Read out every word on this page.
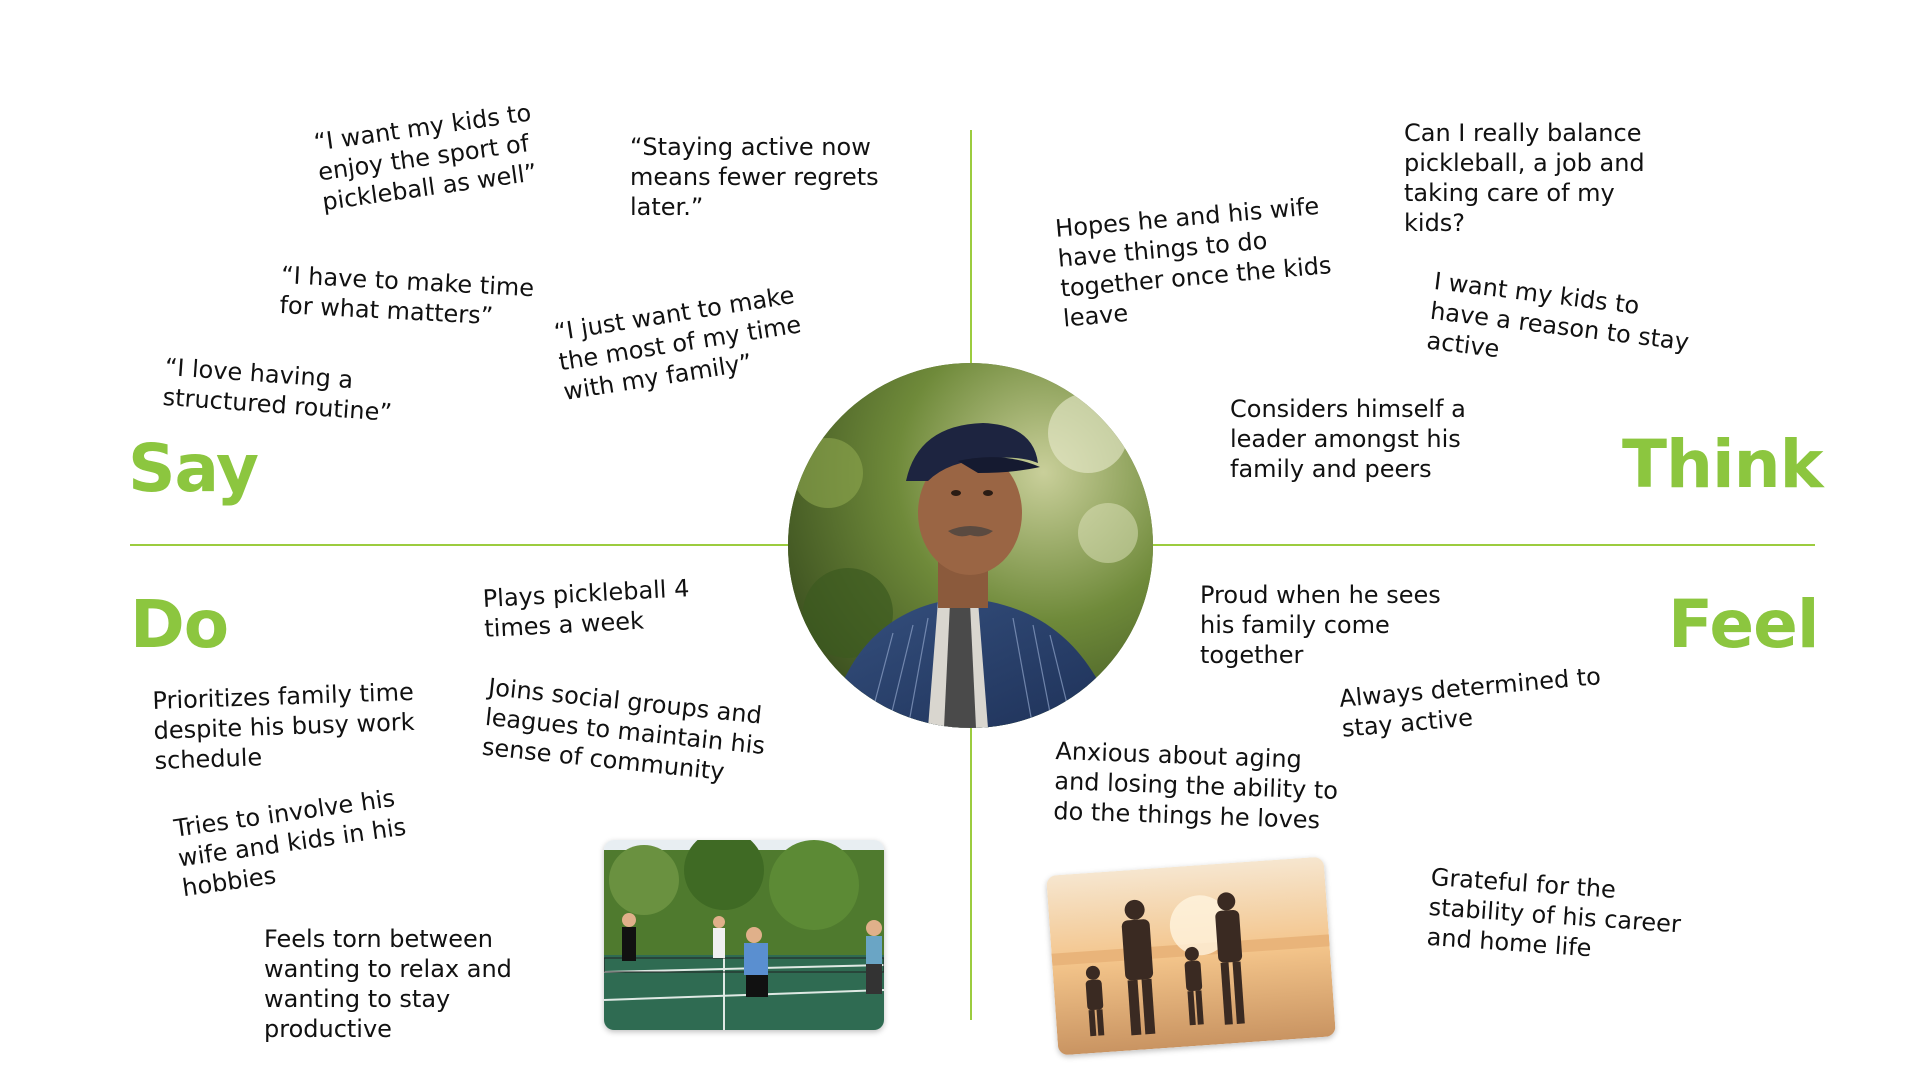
Say	Think
Do	Feel
“I want my kids to enjoy the sport of pickleball as well”
“Staying active now means fewer regrets later.”
“I have to make time for what matters”	“I just want to make the most of my time with my family”
“I love having a structured routine”
Can I really balance pickleball, a job and taking care of my kids?
Hopes he and his wife have things to do together once the kids leave	I want my kids to have a reason to stay active
Considers himself a leader amongst his family and peers
Plays pickleball 4 times a week
Prioritizes family time despite his busy work schedule
Joins social groups and leagues to maintain his sense of community
Tries to involve his wife and kids in his hobbies
Feels torn between wanting to relax and wanting to stay productive
Proud when he sees his family come together
Always determined to stay active
Anxious about aging and losing the ability to do the things he loves
Grateful for the stability of his career and home life
